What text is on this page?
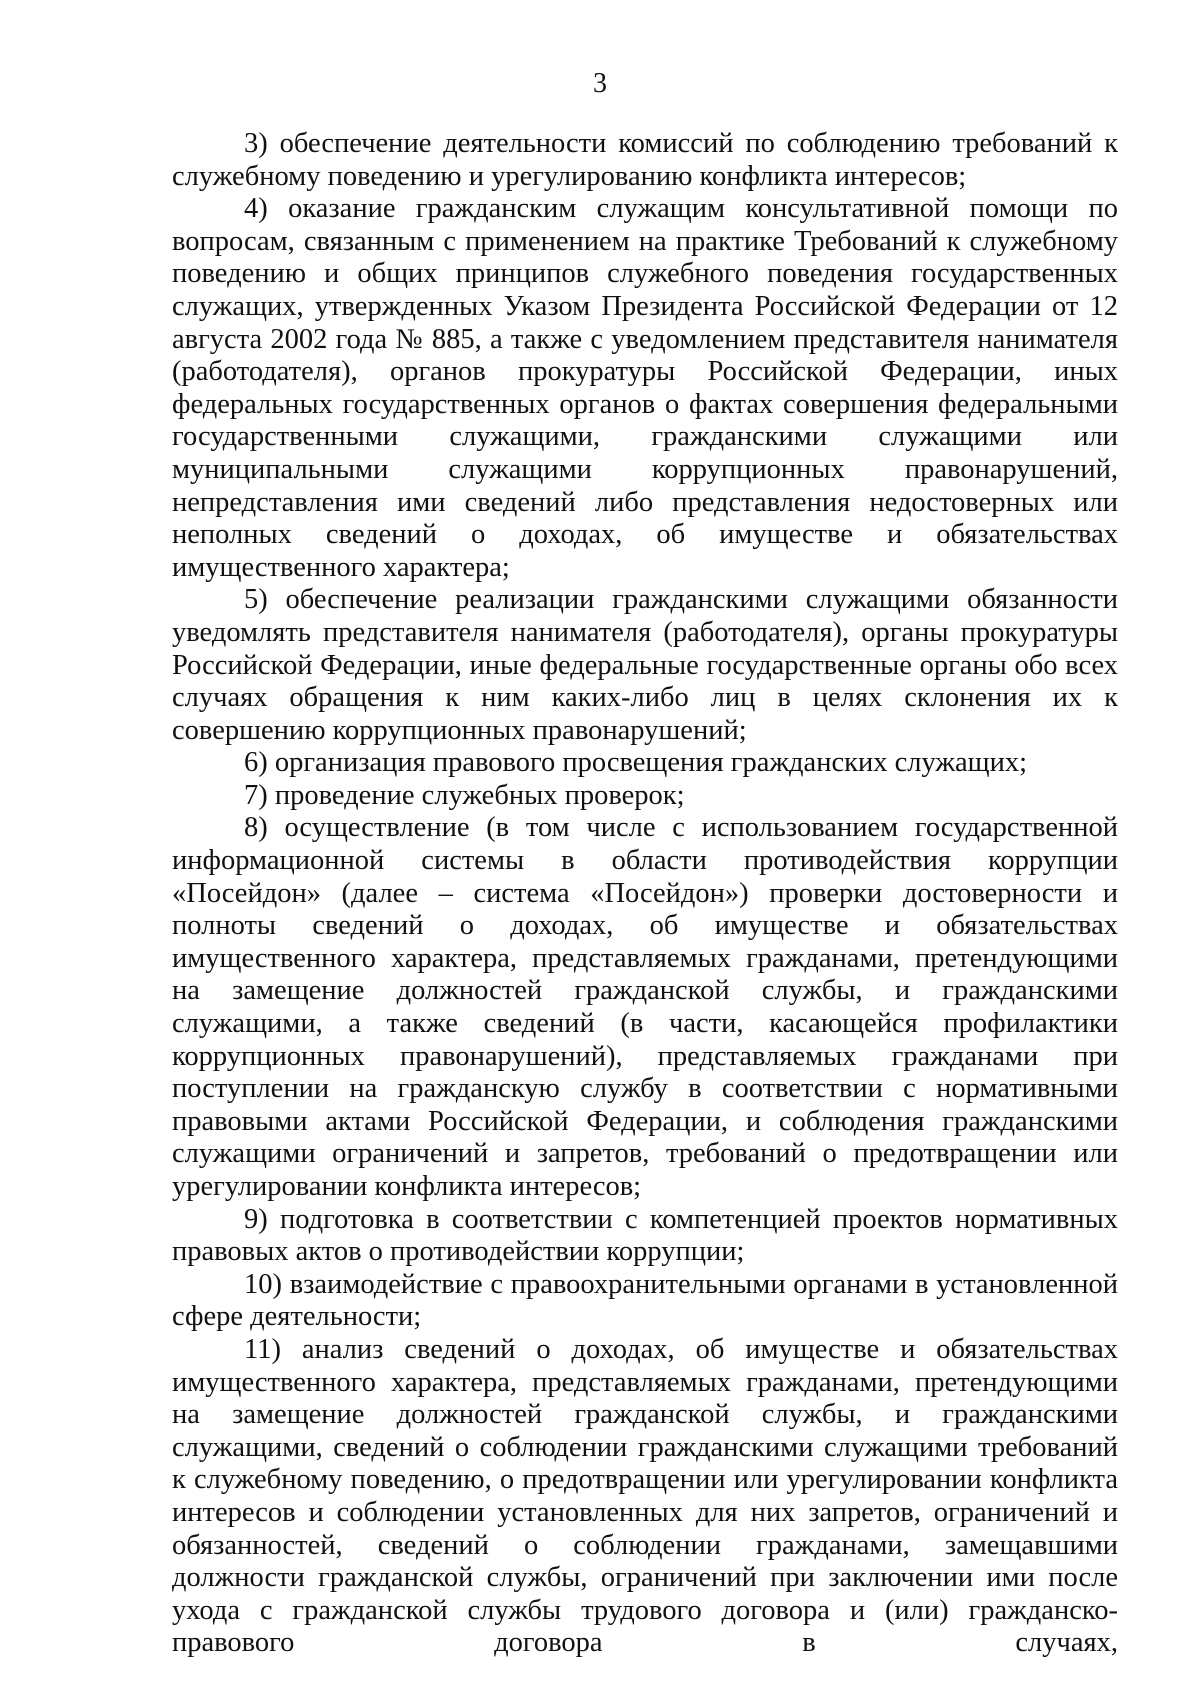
3

3) обеспечение деятельности комиссий по соблюдению требований к служебному поведению и урегулированию конфликта интересов;

4) оказание гражданским служащим консультативной помощи по вопросам, связанным с применением на практике Требований к служебному поведению и общих принципов служебного поведения государственных служащих, утвержденных Указом Президента Российской Федерации от 12 августа 2002 года № 885, а также с уведомлением представителя нанимателя (работодателя), органов прокуратуры Российской Федерации, иных федеральных государственных органов о фактах совершения федеральными государственными служащими, гражданскими служащими или муниципальными служащими коррупционных правонарушений, непредставления ими сведений либо представления недостоверных или неполных сведений о доходах, об имуществе и обязательствах имущественного характера;

5) обеспечение реализации гражданскими служащими обязанности уведомлять представителя нанимателя (работодателя), органы прокуратуры Российской Федерации, иные федеральные государственные органы обо всех случаях обращения к ним каких-либо лиц в целях склонения их к совершению коррупционных правонарушений;

6) организация правового просвещения гражданских служащих;

7) проведение служебных проверок;

8) осуществление (в том числе с использованием государственной информационной системы в области противодействия коррупции «Посейдон» (далее – система «Посейдон») проверки достоверности и полноты сведений о доходах, об имуществе и обязательствах имущественного характера, представляемых гражданами, претендующими на замещение должностей гражданской службы, и гражданскими служащими, а также сведений (в части, касающейся профилактики коррупционных правонарушений), представляемых гражданами при поступлении на гражданскую службу в соответствии с нормативными правовыми актами Российской Федерации, и соблюдения гражданскими служащими ограничений и запретов, требований о предотвращении или урегулировании конфликта интересов;

9) подготовка в соответствии с компетенцией проектов нормативных правовых актов о противодействии коррупции;

10) взаимодействие с правоохранительными органами в установленной сфере деятельности;

11) анализ сведений о доходах, об имуществе и обязательствах имущественного характера, представляемых гражданами, претендующими на замещение должностей гражданской службы, и гражданскими служащими, сведений о соблюдении гражданскими служащими требований к служебному поведению, о предотвращении или урегулировании конфликта интересов и соблюдении установленных для них запретов, ограничений и обязанностей, сведений о соблюдении гражданами, замещавшими должности гражданской службы, ограничений при заключении ими после ухода с гражданской службы трудового договора и (или) гражданско-правового договора в случаях,
